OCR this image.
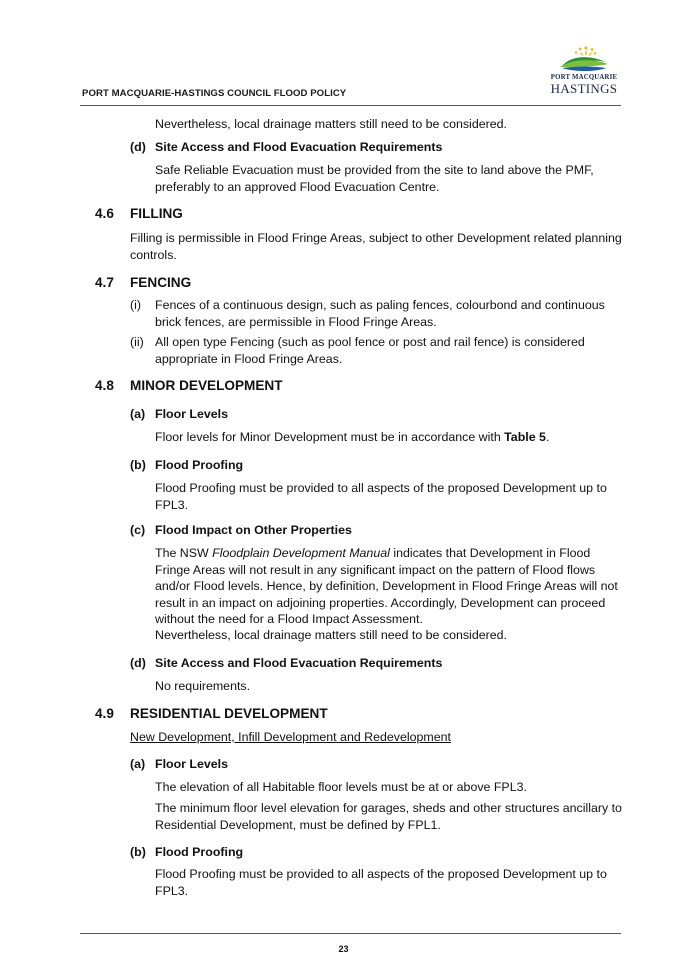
PORT MACQUARIE-HASTINGS COUNCIL FLOOD POLICY
PORT MACQUARIE
HASTINGS

Nevertheless, local drainage matters still need to be considered.

(d) Site Access and Flood Evacuation Requirements

Safe Reliable Evacuation must be provided from the site to land above the PMF, preferably to an approved Flood Evacuation Centre.

4.6 FILLING

Filling is permissible in Flood Fringe Areas, subject to other Development related planning controls.

4.7 FENCING
(i) Fences of a continuous design, such as paling fences, colourbond and continuous brick fences, are permissible in Flood Fringe Areas.

(ii) All open type Fencing (such as pool fence or post and rail fence) is considered appropriate in Flood Fringe Areas.

4.8 MINOR DEVELOPMENT
(a) Floor Levels

Floor levels for Minor Development must be in accordance with Table 5.

(b) Flood Proofing

Flood Proofing must be provided to all aspects of the proposed Development up to FPL3.

(c) Flood Impact on Other Properties

The NSW Floodplain Development Manual indicates that Development in Flood Fringe Areas will not result in any significant impact on the pattern of Flood flows and/or Flood levels. Hence, by definition, Development in Flood Fringe Areas will not result in an impact on adjoining properties. Accordingly, Development can proceed without the need for a Flood Impact Assessment.

Nevertheless, local drainage matters still need to be considered.

(d) Site Access and Flood Evacuation Requirements

No requirements.

4.9 RESIDENTIAL DEVELOPMENT

New Development, Infill Development and Redevelopment

(a) Floor Levels

The elevation of all Habitable floor levels must be at or above FPL3.

The minimum floor level elevation for garages, sheds and other structures ancillary to Residential Development, must be defined by FPL1.

(b) Flood Proofing

Flood Proofing must be provided to all aspects of the proposed Development up to FPL3.

23
